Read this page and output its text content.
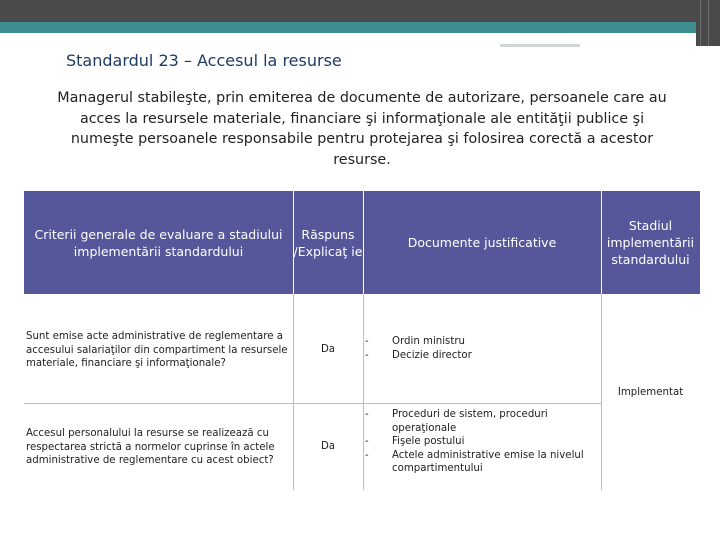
Standardul 23 – Accesul la resurse
Managerul stabileşte, prin emiterea de documente de autorizare, persoanele care au acces la resursele materiale, financiare şi informaţionale ale entităţii publice şi numeşte persoanele responsabile pentru protejarea şi folosirea corectă a acestor resurse.
Criterii generale de evaluare a stadiului implementării standardului
Răspuns /Explicaţ ie
Documente justificative
Stadiul implementării standardului
Sunt emise acte administrative de reglementare a accesului salariaţilor din compartiment la resursele materiale, financiare şi informaţionale?
Da
- Ordin ministru
- Decizie director
Accesul personalului la resurse se realizează cu respectarea strictă a normelor cuprinse în actele administrative de reglementare cu acest obiect?
Da
- Proceduri de sistem, proceduri operaţionale
- Fişele postului
- Actele administrative emise la nivelul compartimentului
Implementat
